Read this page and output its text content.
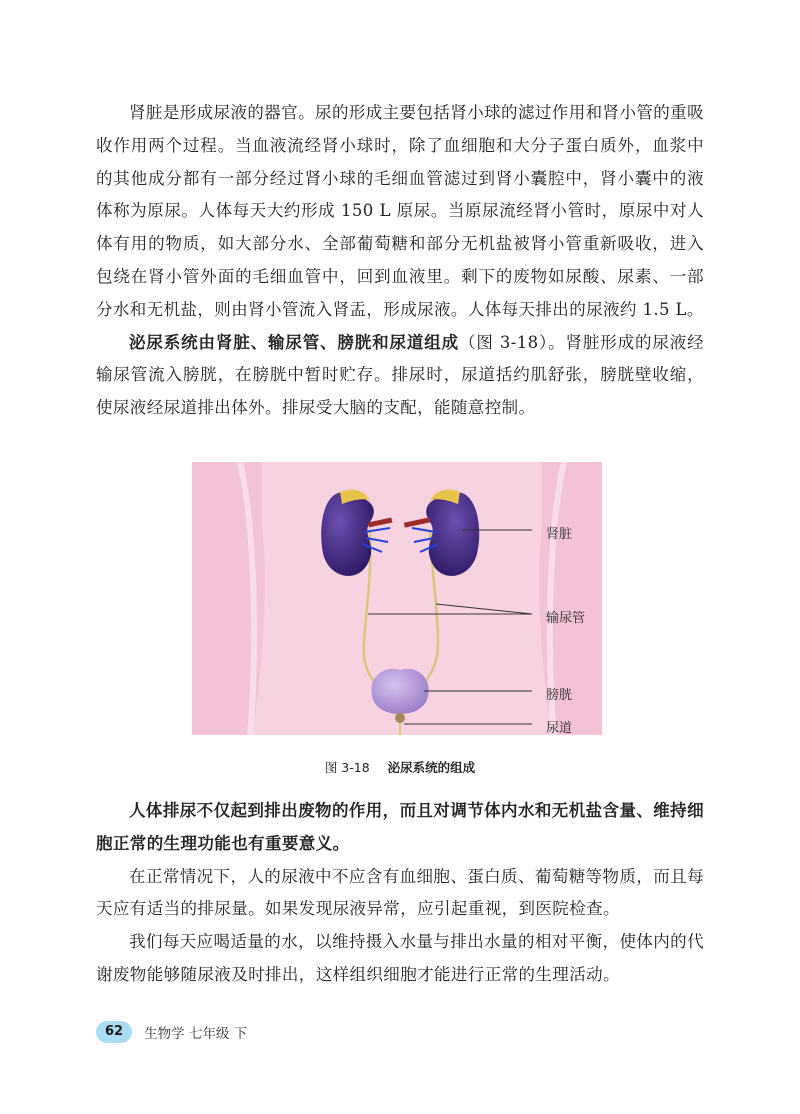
肾脏是形成尿液的器官。尿的形成主要包括肾小球的滤过作用和肾小管的重吸收作用两个过程。当血液流经肾小球时，除了血细胞和大分子蛋白质外，血浆中的其他成分都有一部分经过肾小球的毛细血管滤过到肾小囊腔中，肾小囊中的液体称为原尿。人体每天大约形成 150 L 原尿。当原尿流经肾小管时，原尿中对人体有用的物质，如大部分水、全部葡萄糖和部分无机盐被肾小管重新吸收，进入包绕在肾小管外面的毛细血管中，回到血液里。剩下的废物如尿酸、尿素、一部分水和无机盐，则由肾小管流入肾盂，形成尿液。人体每天排出的尿液约 1.5 L。

泌尿系统由肾脏、输尿管、膀胱和尿道组成（图 3-18）。肾脏形成的尿液经输尿管流入膀胱，在膀胱中暂时贮存。排尿时，尿道括约肌舒张，膀胱壁收缩，使尿液经尿道排出体外。排尿受大脑的支配，能随意控制。

肾脏
输尿管
膀胱
尿道
图 3-18 泌尿系统的组成

人体排尿不仅起到排出废物的作用，而且对调节体内水和无机盐含量、维持细胞正常的生理功能也有重要意义。

在正常情况下，人的尿液中不应含有血细胞、蛋白质、葡萄糖等物质，而且每天应有适当的排尿量。如果发现尿液异常，应引起重视，到医院检查。

我们每天应喝适量的水，以维持摄入水量与排出水量的相对平衡，使体内的代谢废物能够随尿液及时排出，这样组织细胞才能进行正常的生理活动。

62	生物学 七年级 下
